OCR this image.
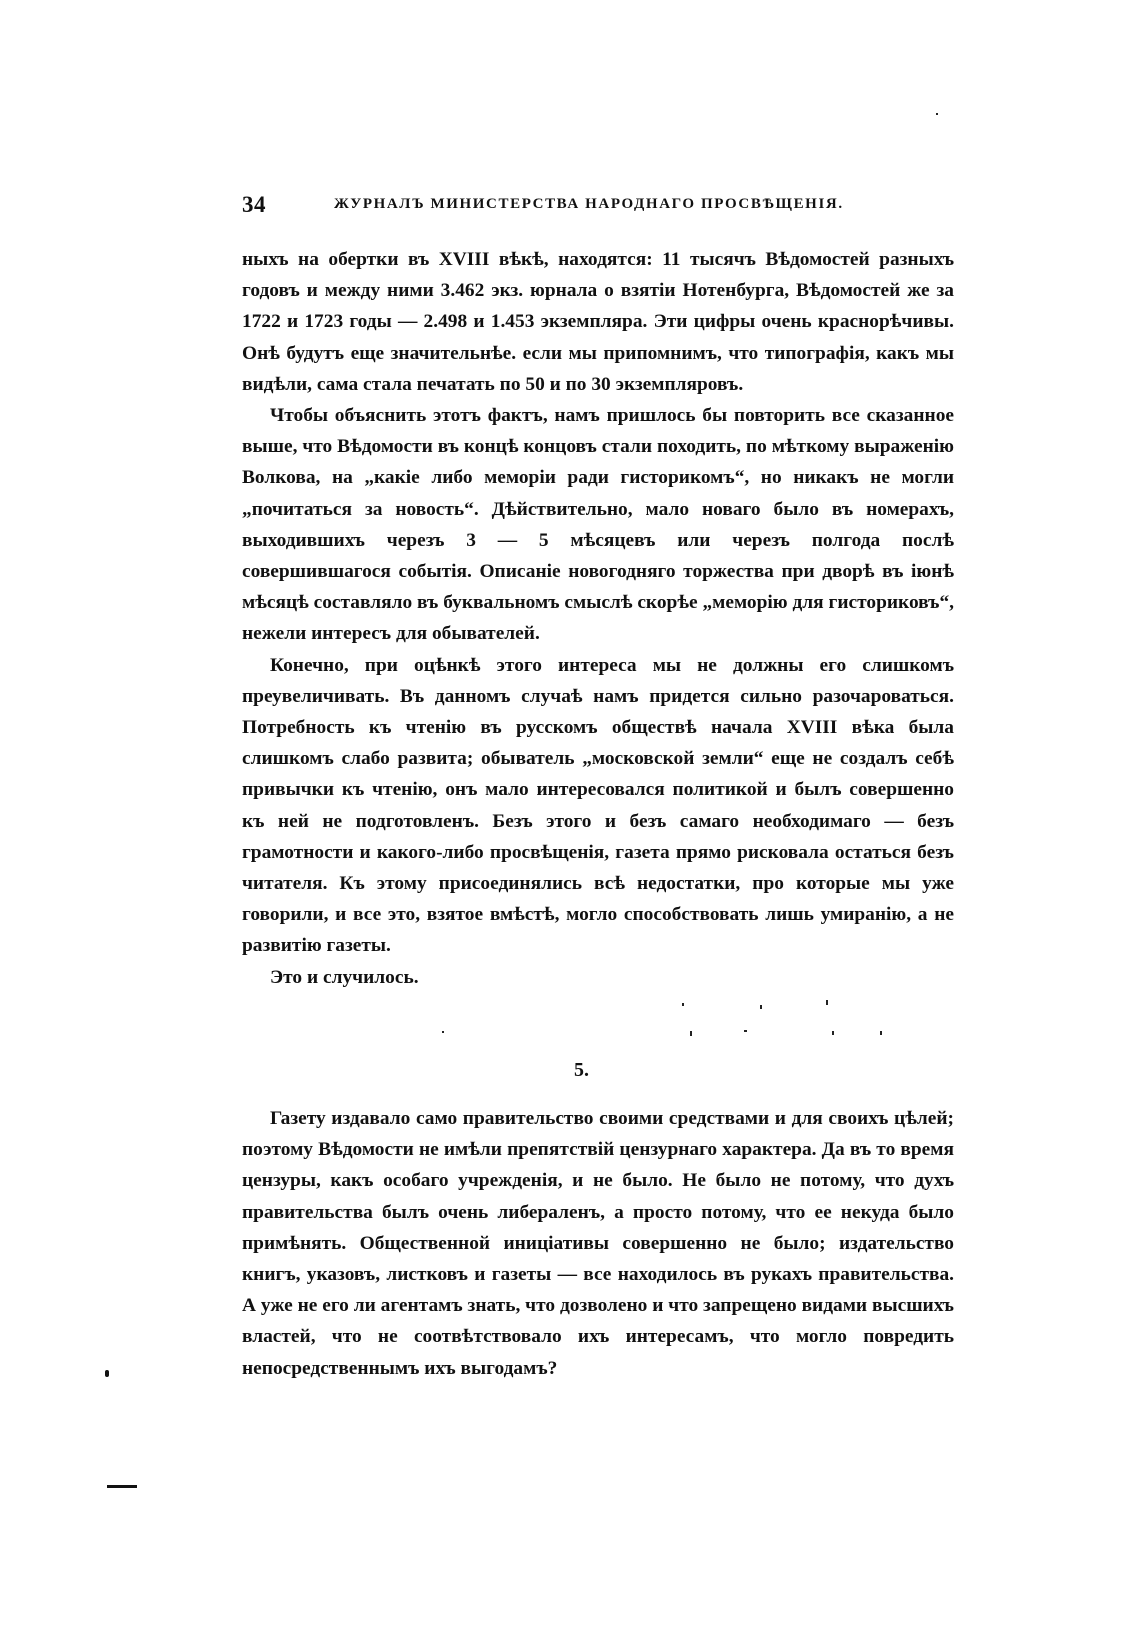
34	ЖУРНАЛЪ МИНИСТЕРСТВА НАРОДНАГО ПРОСВѢЩЕНІЯ.

ныхъ на обертки въ XVIII вѣкѣ, находятся: 11 тысячъ Вѣдомостей разныхъ годовъ и между ними 3.462 экз. юрнала о взятіи Нотенбурга, Вѣдомостей же за 1722 и 1723 годы — 2.498 и 1.453 экземпляра. Эти цифры очень краснорѣчивы. Онѣ будутъ еще значительнѣе. если мы припомнимъ, что типографія, какъ мы видѣли, сама стала печатать по 50 и по 30 экземпляровъ.

Чтобы объяснить этотъ фактъ, намъ пришлось бы повторить все сказанное выше, что Вѣдомости въ концѣ концовъ стали походить, по мѣткому выраженію Волкова, на „какіе либо меморіи ради гисторикомъ“, но никакъ не могли „почитаться за новость“. Дѣйствительно, мало новаго было въ номерахъ, выходившихъ черезъ 3 — 5 мѣсяцевъ или черезъ полгода послѣ совершившагося событія. Описаніе новогодняго торжества при дворѣ въ іюнѣ мѣсяцѣ составляло въ буквальномъ смыслѣ скорѣе „меморію для гисториковъ“, нежели интересъ для обывателей.

Конечно, при оцѣнкѣ этого интереса мы не должны его слишкомъ преувеличивать. Въ данномъ случаѣ намъ придется сильно разочароваться. Потребность къ чтенію въ русскомъ обществѣ начала XVIII вѣка была слишкомъ слабо развита; обыватель „московской земли“ еще не создалъ себѣ привычки къ чтенію, онъ мало интересовался политикой и былъ совершенно къ ней не подготовленъ. Безъ этого и безъ самаго необходимаго — безъ грамотности и какого-либо просвѣщенія, газета прямо рисковала остаться безъ читателя. Къ этому присоединялись всѣ недостатки, про которые мы уже говорили, и все это, взятое вмѣстѣ, могло способствовать лишь умиранію, а не развитію газеты.

Это и случилось.

5.

Газету издавало само правительство своими средствами и для своихъ цѣлей; поэтому Вѣдомости не имѣли препятствій цензурнаго характера. Да въ то время цензуры, какъ особаго учрежденія, и не было. Не было не потому, что духъ правительства былъ очень либераленъ, а просто потому, что ее некуда было примѣнять. Общественной иниціативы совершенно не было; издательство книгъ, указовъ, листковъ и газеты — все находилось въ рукахъ правительства. А уже не его ли агентамъ знать, что дозволено и что запрещено видами высшихъ властей, что не соотвѣтствовало ихъ интересамъ, что могло повредить непосредственнымъ ихъ выгодамъ?
